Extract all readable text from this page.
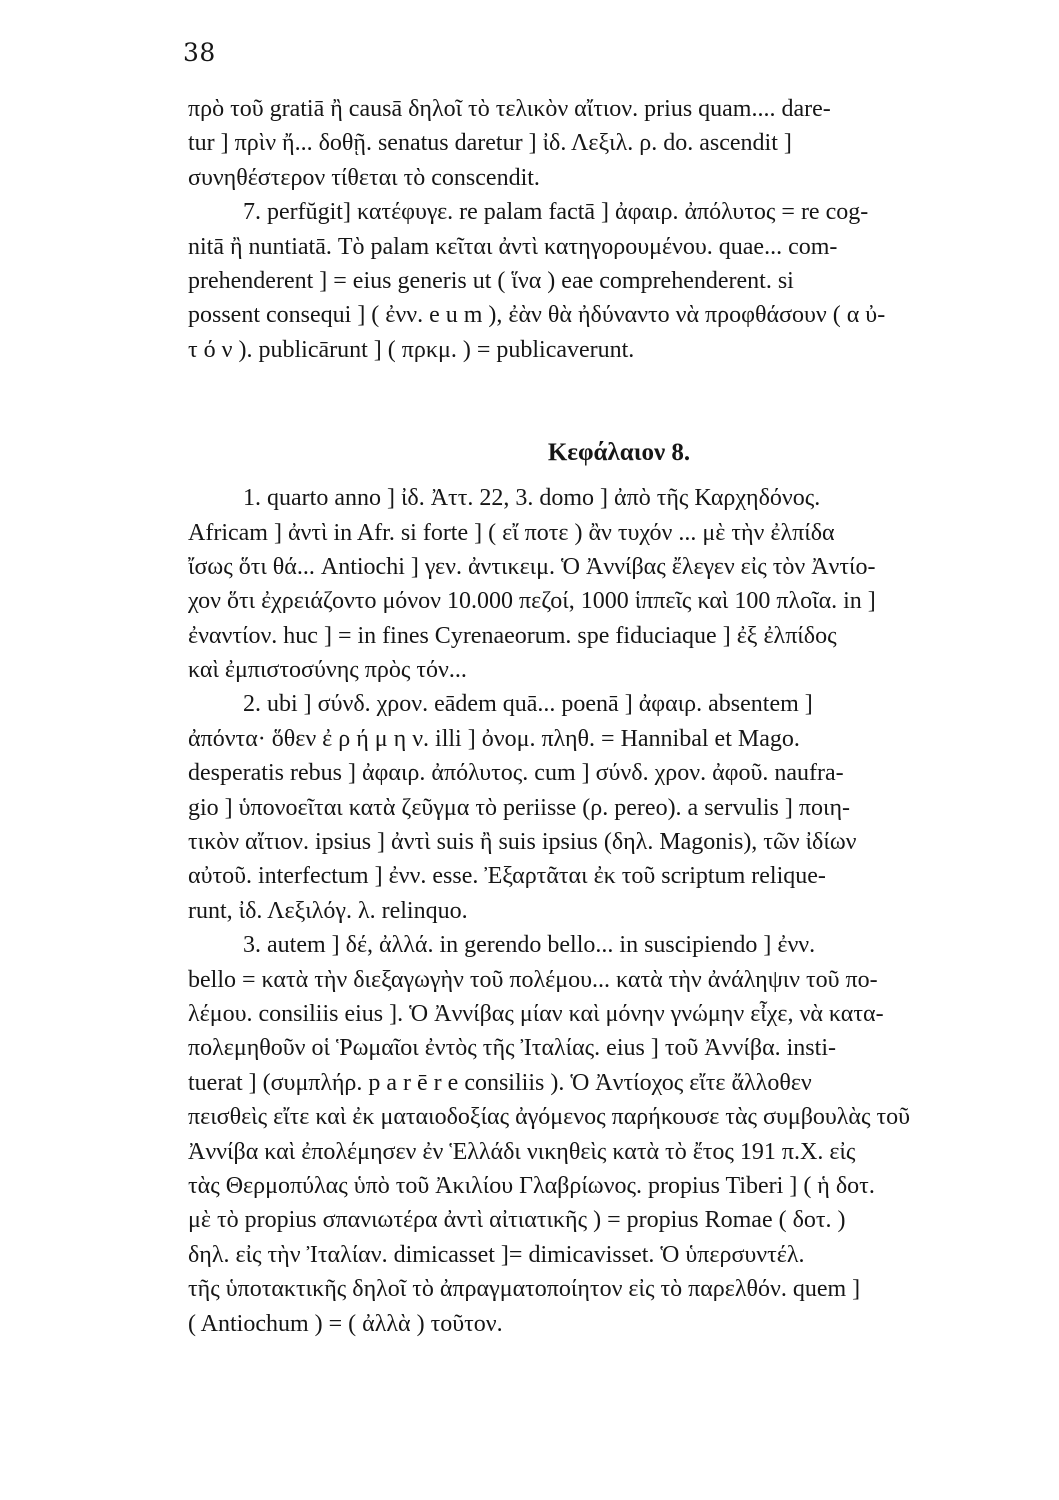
38
πρὸ τοῦ gratiā ἢ causā δηλοῖ τὸ τελικὸν αἴτιον. prius quam.... dare-
tur ] πρὶν ἤ... δοθῇ. senatus daretur ] ἰδ. Λεξιλ. ρ. do. ascendit ]
συνηθέστερον τίθεται τὸ conscendit.
7. perfŭgit] κατέφυγε. re palam factā ] ἀφαιρ. ἀπόλυτος = re cog-
nitā ἢ nuntiatā. Τὸ palam κεῖται ἀντὶ κατηγορουμένου. quae... com-
prehenderent ] = eius generis ut ( ἵνα ) eae comprehenderent. si
possent consequi ] ( ἐνν. e u m ), ἐὰν θὰ ἠδύναντο νὰ προφθάσουν ( α ὐ-
τ ό ν ). publicārunt ] ( πρκμ. ) = publicaverunt.
Κεφάλαιον 8.
1. quarto anno ] ἰδ. Ἀττ. 22, 3. domo ] ἀπὸ τῆς Καρχηδόνος.
Africam ] ἀντὶ in Afr. si forte ] ( εἴ ποτε ) ἂν τυχόν ... μὲ τὴν ἐλπίδα
ἴσως ὅτι θά... Antiochi ] γεν. ἀντικειμ. Ὁ Ἀννίβας ἔλεγεν εἰς τὸν Ἀντίο-
χον ὅτι ἐχρειάζοντο μόνον 10.000 πεζοί, 1000 ἱππεῖς καὶ 100 πλοῖα. in ]
ἐναντίον. huc ] = in fines Cyrenaeorum. spe fiduciaque ] ἐξ ἐλπίδος
καὶ ἐμπιστοσύνης πρὸς τόν...
2. ubi ] σύνδ. χρον. eādem quā... poenā ] ἀφαιρ. absentem ]
ἀπόντα· ὅθεν ἐ ρ ή μ η ν. illi ] ὀνομ. πληθ. = Hannibal et Mago.
desperatis rebus ] ἀφαιρ. ἀπόλυτος. cum ] σύνδ. χρον. ἀφοῦ. naufra-
gio ] ὑπονοεῖται κατὰ ζεῦγμα τὸ periisse (ρ. pereo). a servulis ] ποιη-
τικὸν αἴτιον. ipsius ] ἀντὶ suis ἢ suis ipsius (δηλ. Magonis), τῶν ἰδίων
αὐτοῦ. interfectum ] ἐνν. esse. Ἐξαρτᾶται ἐκ τοῦ scriptum relique-
runt, ἰδ. Λεξιλόγ. λ. relinquo.
3. autem ] δέ, ἀλλά. in gerendo bello... in suscipiendo ] ἐνν.
bello = κατὰ τὴν διεξαγωγὴν τοῦ πολέμου... κατὰ τὴν ἀνάληψιν τοῦ πο-
λέμου. consiliis eius ]. Ὁ Ἀννίβας μίαν καὶ μόνην γνώμην εἶχε, νὰ κατα-
πολεμηθοῦν οἱ Ῥωμαῖοι ἐντὸς τῆς Ἰταλίας. eius ] τοῦ Ἀννίβα. insti-
tuerat ] (συμπλήρ. p a r ē r e consiliis ). Ὁ Ἀντίοχος εἴτε ἄλλοθεν
πεισθεὶς εἴτε καὶ ἐκ ματαιοδοξίας ἀγόμενος παρήκουσε τὰς συμβουλὰς τοῦ
Ἀννίβα καὶ ἐπολέμησεν ἐν Ἑλλάδι νικηθεὶς κατὰ τὸ ἔτος 191 π.Χ. εἰς
τὰς Θερμοπύλας ὑπὸ τοῦ Ἀκιλίου Γλαβρίωνος. propius Tiberi ] ( ἡ δοτ.
μὲ τὸ propius σπανιωτέρα ἀντὶ αἰτιατικῆς ) = propius Romae ( δοτ. )
δηλ. εἰς τὴν Ἰταλίαν. dimicasset ]= dimicavisset. Ὁ ὑπερσυντέλ.
τῆς ὑποτακτικῆς δηλοῖ τὸ ἀπραγματοποίητον εἰς τὸ παρελθόν. quem ]
( Antiochum ) = ( ἀλλὰ ) τοῦτον.
